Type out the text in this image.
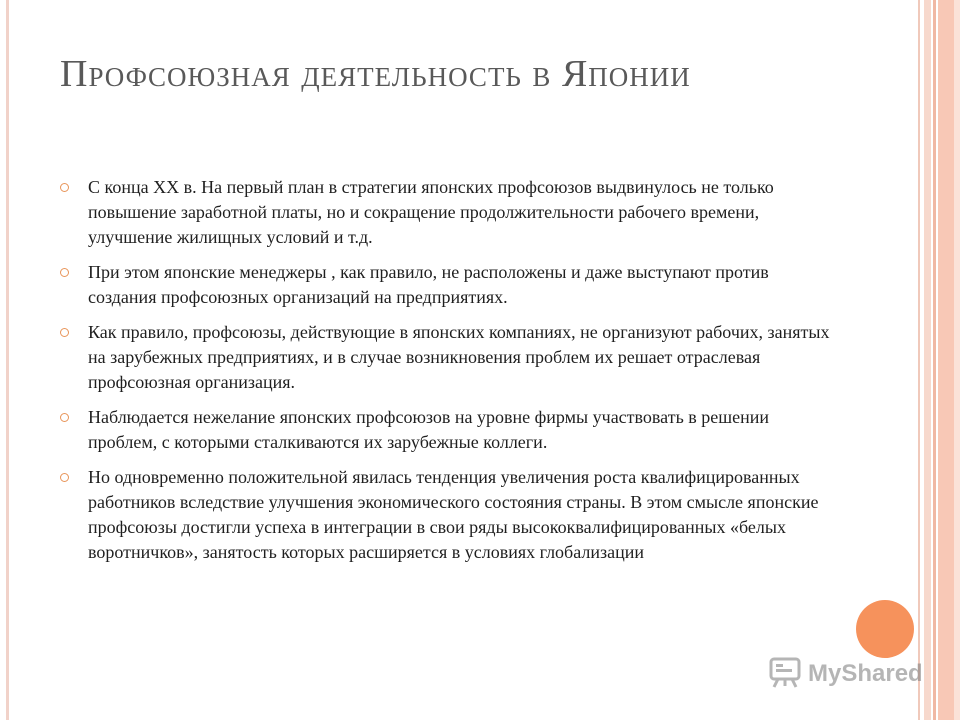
Профсоюзная деятельность в Японии
С конца XX в. На первый план в стратегии японских профсоюзов выдвинулось не только повышение заработной платы, но и сокращение продолжительности рабочего времени, улучшение жилищных условий и т.д.
При этом японские менеджеры , как правило, не расположены и даже выступают против создания профсоюзных организаций на предприятиях.
Как правило, профсоюзы, действующие в японских компаниях, не организуют рабочих, занятых на зарубежных предприятиях, и в случае возникновения проблем их решает отраслевая профсоюзная организация.
Наблюдается нежелание японских профсоюзов на уровне фирмы участвовать в решении проблем, с которыми сталкиваются их зарубежные коллеги.
Но одновременно положительной явилась тенденция увеличения роста квалифицированных работников вследствие улучшения экономического состояния страны. В этом смысле японские профсоюзы достигли успеха в интеграции в свои ряды высококвалифицированных «белых воротничков», занятость которых расширяется в условиях глобализации
MyShared
